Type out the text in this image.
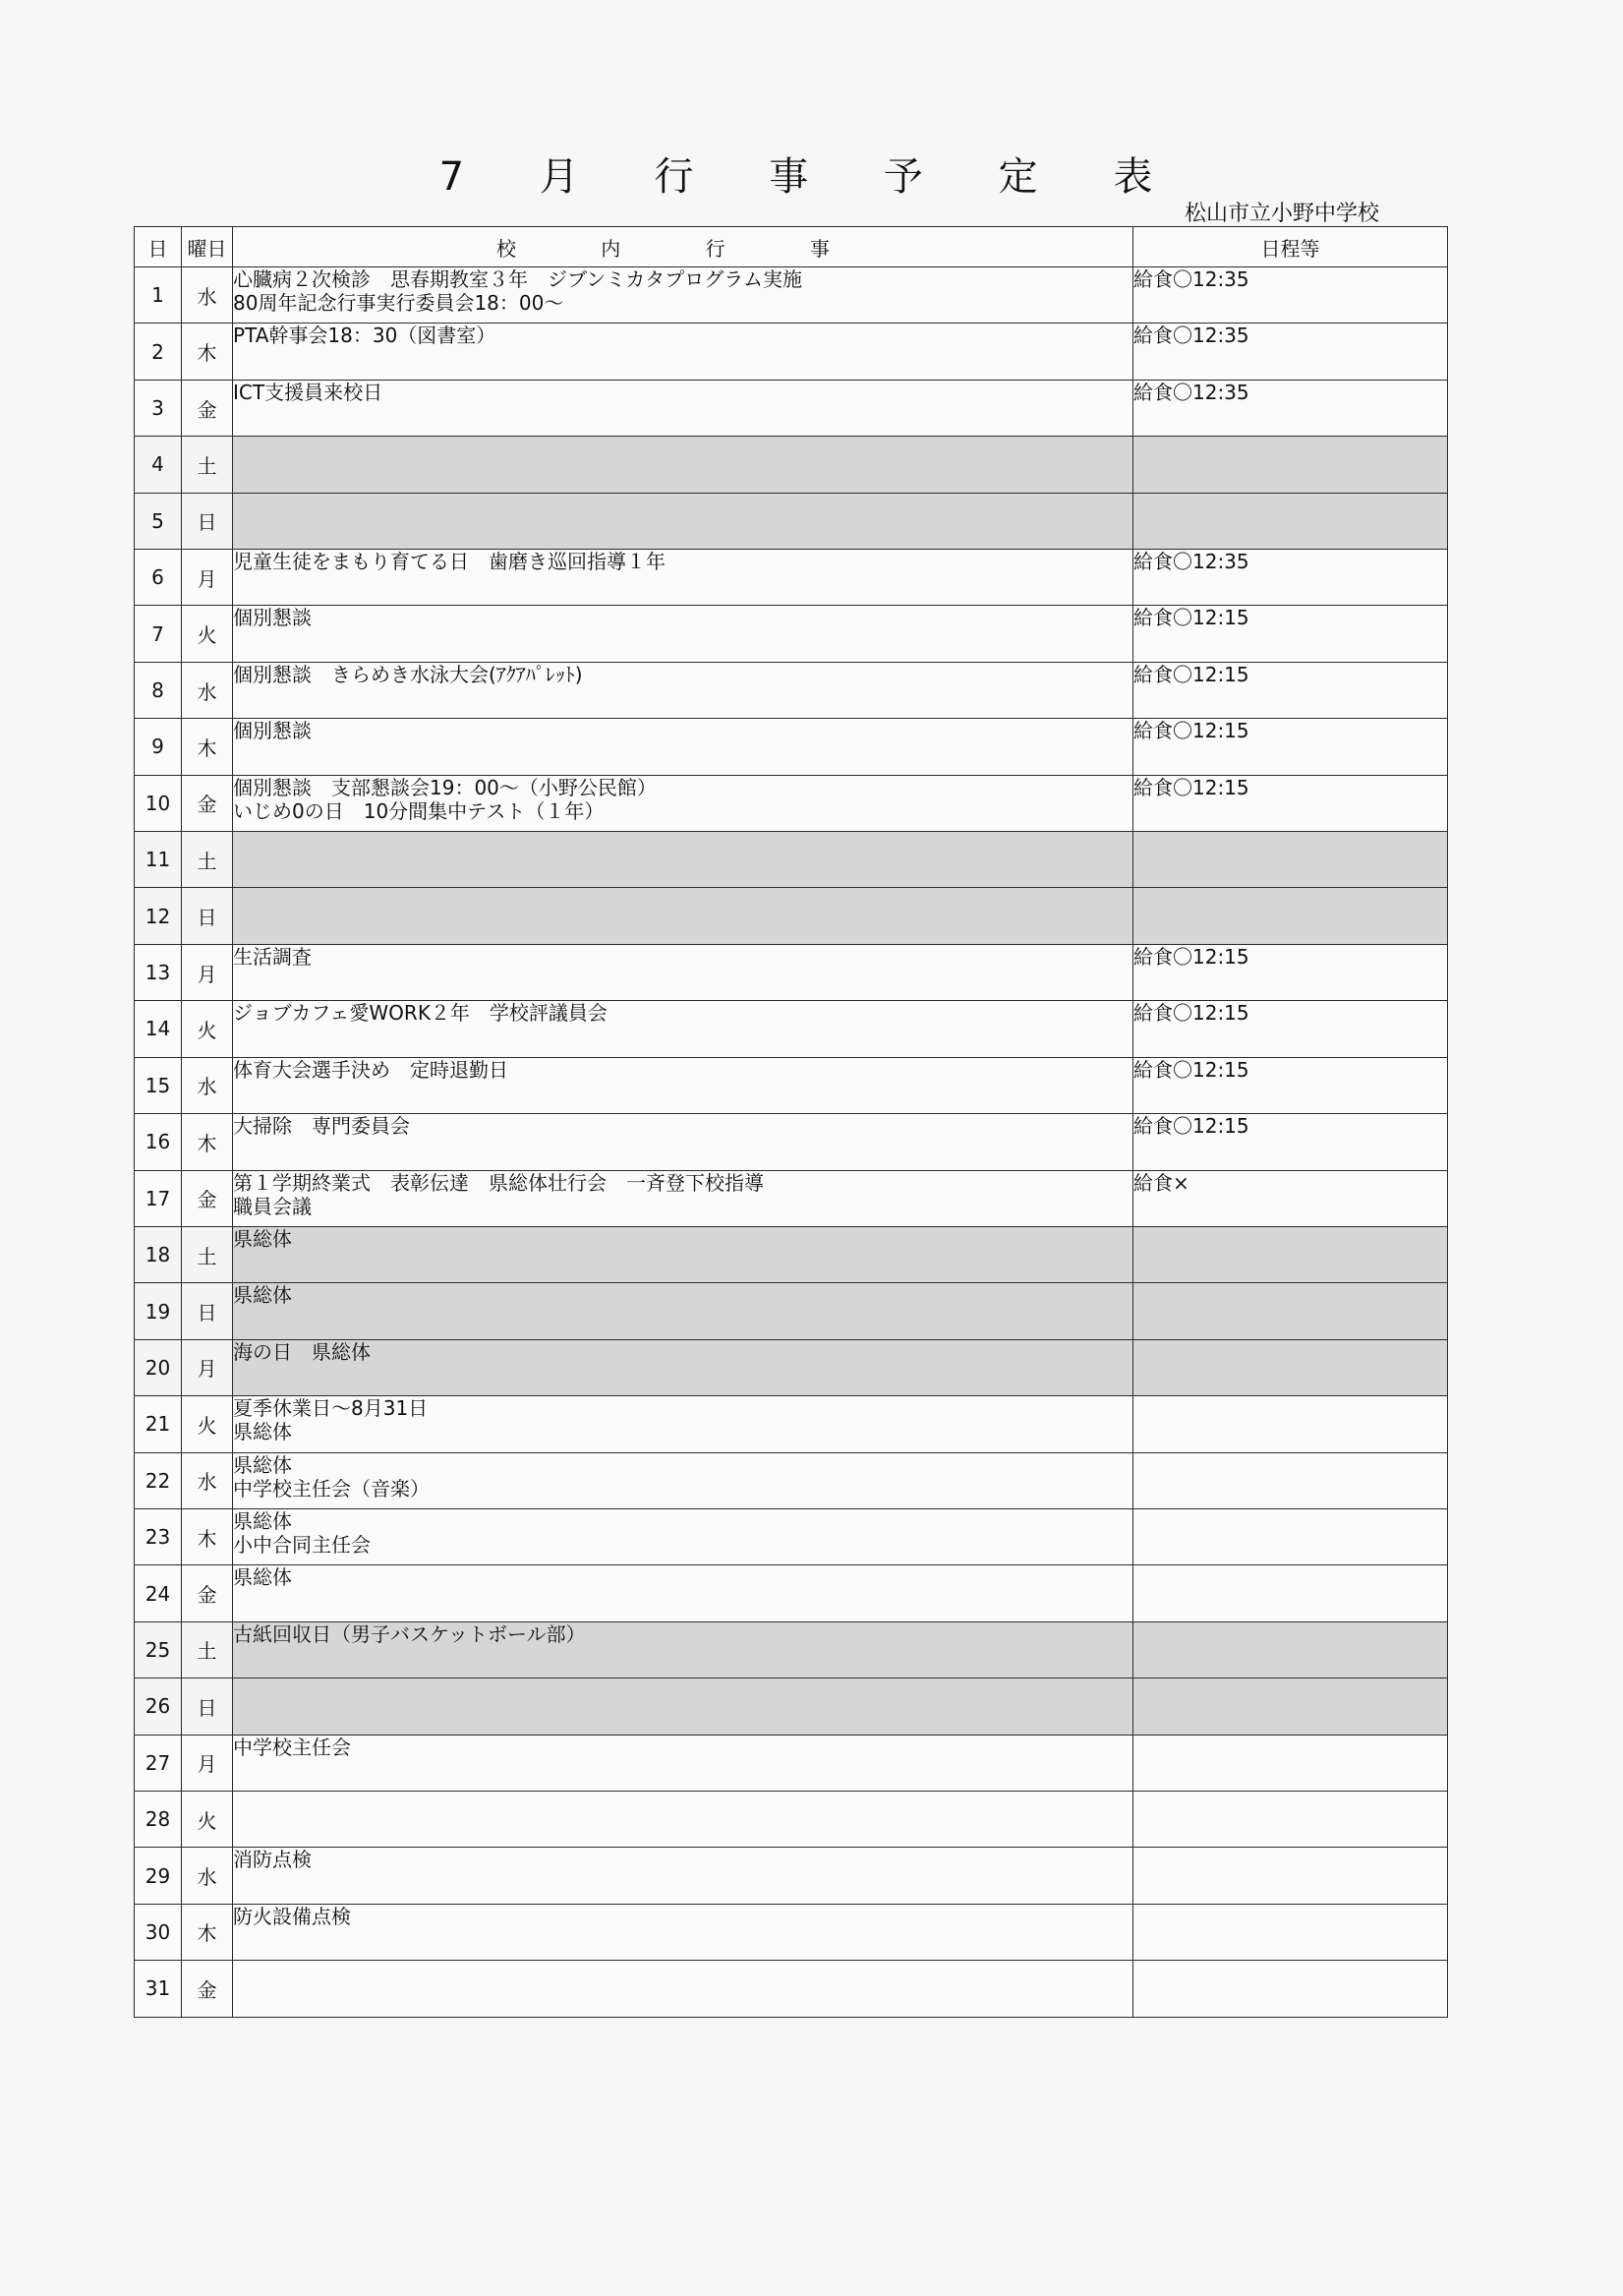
7 月 行 事 予 定 表
松山市立小野中学校
日	曜日	校 内 行 事	日程等
1	水	心臓病２次検診　思春期教室３年　ジブンミカタプログラム実施
80周年記念行事実行委員会18：00～	給食〇12:35
2	木	PTA幹事会18：30（図書室）	給食〇12:35
3	金	ICT支援員来校日	給食〇12:35
4	土		
5	日		
6	月	児童生徒をまもり育てる日　歯磨き巡回指導１年	給食〇12:35
7	火	個別懇談	給食〇12:15
8	水	個別懇談　きらめき水泳大会(ｱｸｱﾊﾟﾚｯﾄ)	給食〇12:15
9	木	個別懇談	給食〇12:15
10	金	個別懇談　支部懇談会19：00～（小野公民館）
いじめ0の日　10分間集中テスト（１年）	給食〇12:15
11	土		
12	日		
13	月	生活調査	給食〇12:15
14	火	ジョブカフェ愛WORK２年　学校評議員会	給食〇12:15
15	水	体育大会選手決め　定時退勤日	給食〇12:15
16	木	大掃除　専門委員会	給食〇12:15
17	金	第１学期終業式　表彰伝達　県総体壮行会　一斉登下校指導
職員会議	給食×
18	土	県総体	
19	日	県総体	
20	月	海の日　県総体	
21	火	夏季休業日～8月31日
県総体	
22	水	県総体
中学校主任会（音楽）	
23	木	県総体
小中合同主任会	
24	金	県総体	
25	土	古紙回収日（男子バスケットボール部）	
26	日		
27	月	中学校主任会	
28	火		
29	水	消防点検	
30	木	防火設備点検	
31	金		
